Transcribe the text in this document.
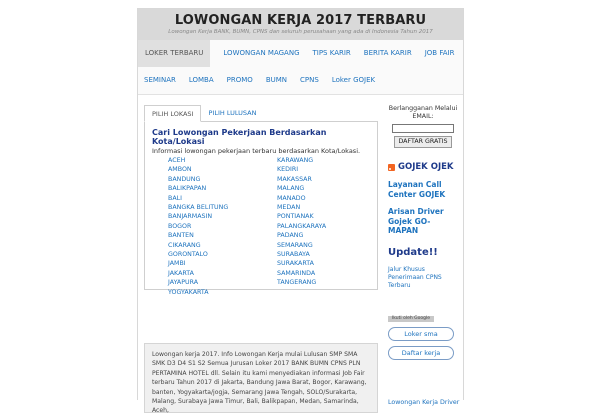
LOWONGAN KERJA 2017 TERBARU
Lowongan Kerja BANK, BUMN, CPNS dan seluruh perusahaan yang ada di Indonesia Tahun 2017
LOKER TERBARU	LOWONGAN MAGANG TIPS KARIR BERITA KARIR JOB FAIR
SEMINAR LOMBA PROMO BUMN CPNS Loker GOJEK
PILIH LOKASI	PILIH LULUSAN
Cari Lowongan Pekerjaan Berdasarkan Kota/Lokasi
Informasi lowongan pekerjaan terbaru berdasarkan Kota/Lokasi.
ACEH
AMBON
BANDUNG
BALIKPAPAN
BALI
BANGKA BELITUNG
BANJARMASIN
BOGOR
BANTEN
CIKARANG
GORONTALO
JAMBI
JAKARTA
JAYAPURA
YOGYAKARTA
KARAWANG
KEDIRI
MAKASSAR
MALANG
MANADO
MEDAN
PONTIANAK
PALANGKARAYA
PADANG
SEMARANG
SURABAYA
SURAKARTA
SAMARINDA
TANGERANG
Lowongan kerja 2017. Info Lowongan Kerja mulai Lulusan SMP SMA SMK D3 D4 S1 S2 Semua Jurusan Loker 2017 BANK BUMN CPNS PLN PERTAMINA HOTEL dll. Selain itu kami menyediakan informasi Job Fair terbaru Tahun 2017 di Jakarta, Bandung Jawa Barat, Bogor, Karawang, banten, Yogyakarta/jogja, Semarang Jawa Tengah, SOLO/Surakarta, Malang, Surabaya Jawa Timur, Bali, Balikpapan, Medan, Samarinda, Aceh,
Berlangganan Melalui EMAIL:
DAFTAR GRATIS
GOJEK OJEK
Layanan Call Center GOJEK
Arisan Driver Gojek GO-MAPAN
Update!!
Jalur Khusus Penerimaan CPNS Terbaru
Ikuti oleh Google
Loker sma
Daftar kerja
Lowongan Kerja Driver
